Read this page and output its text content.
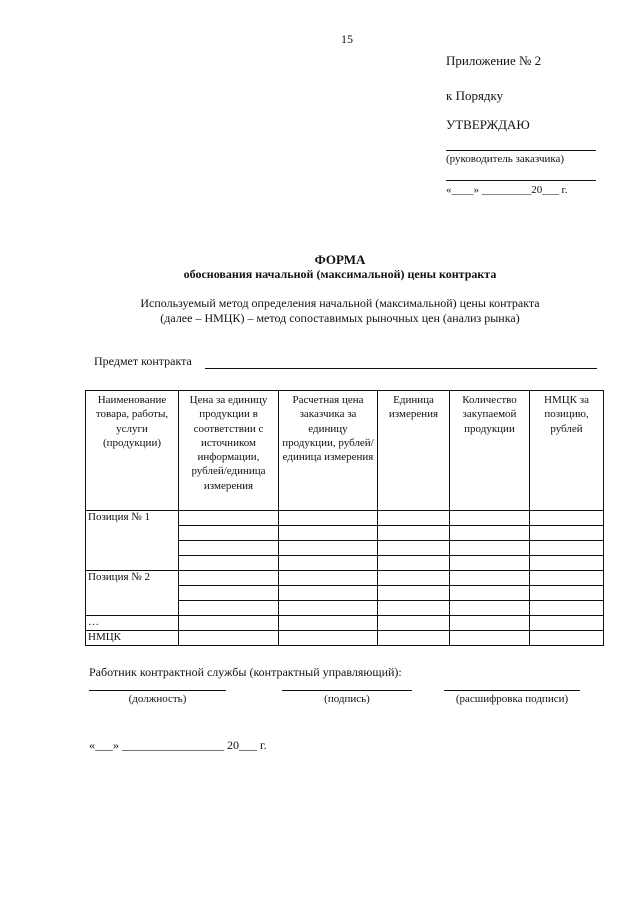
15
Приложение № 2
к Порядку
УТВЕРЖДАЮ
(руководитель заказчика)
«____» _________20___ г.
ФОРМА
обоснования начальной (максимальной) цены контракта
Используемый метод определения начальной (максимальной) цены контракта
(далее – НМЦК) – метод сопоставимых рыночных цен (анализ рынка)
Предмет контракта
Наименование товара, работы, услуги (продукции)	Цена за единицу продукции в соответствии с источником информации, рублей/единица измерения	Расчетная цена заказчика за единицу продукции, рублей/единица измерения	Единица измерения	Количество закупаемой продукции	НМЦК за позицию, рублей
Позиция № 1					

Позиция № 2					

…					
НМЦК					
Работник контрактной службы (контрактный управляющий):
(должность)	(подпись)	(расшифровка подписи)
«___» _________________ 20___ г.
